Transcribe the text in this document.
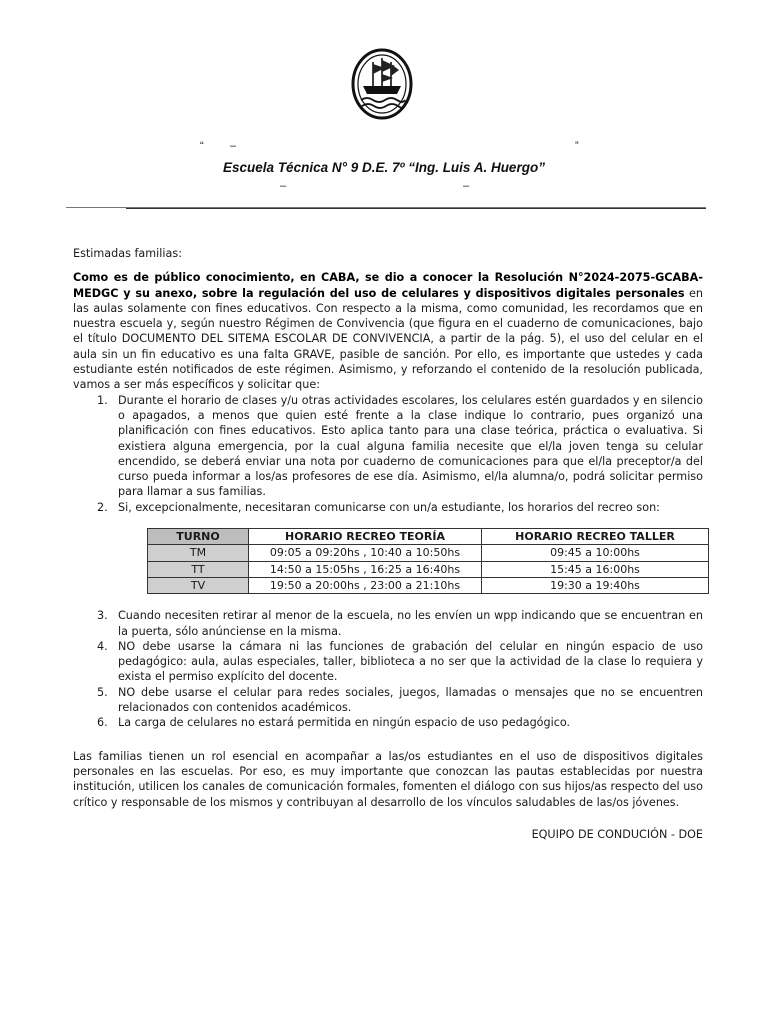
“ –	”
Escuela Técnica N° 9 D.E. 7º “Ing. Luis A. Huergo”
–	–

Estimadas familias:

Como es de público conocimiento, en CABA, se dio a conocer la Resolución N°2024-2075-GCABA-MEDGC y su anexo, sobre la regulación del uso de celulares y dispositivos digitales personales en las aulas solamente con fines educativos. Con respecto a la misma, como comunidad, les recordamos que en nuestra escuela y, según nuestro Régimen de Convivencia (que figura en el cuaderno de comunicaciones, bajo el título DOCUMENTO DEL SITEMA ESCOLAR DE CONVIVENCIA, a partir de la pág. 5), el uso del celular en el aula sin un fin educativo es una falta GRAVE, pasible de sanción. Por ello, es importante que ustedes y cada estudiante estén notificados de este régimen. Asimismo, y reforzando el contenido de la resolución publicada, vamos a ser más específicos y solicitar que:

1. Durante el horario de clases y/u otras actividades escolares, los celulares estén guardados y en silencio o apagados, a menos que quien esté frente a la clase indique lo contrario, pues organizó una planificación con fines educativos. Esto aplica tanto para una clase teórica, práctica o evaluativa. Si existiera alguna emergencia, por la cual alguna familia necesite que el/la joven tenga su celular encendido, se deberá enviar una nota por cuaderno de comunicaciones para que el/la preceptor/a del curso pueda informar a los/as profesores de ese día. Asimismo, el/la alumna/o, podrá solicitar permiso para llamar a sus familias.
2. Si, excepcionalmente, necesitaran comunicarse con un/a estudiante, los horarios del recreo son:
TURNO	HORARIO RECREO TEORÍA	HORARIO RECREO TALLER
TM	09:05 a 09:20hs , 10:40 a 10:50hs	09:45 a 10:00hs
TT	14:50 a 15:05hs , 16:25 a 16:40hs	15:45 a 16:00hs
TV	19:50 a 20:00hs , 23:00 a 21:10hs	19:30 a 19:40hs
3. Cuando necesiten retirar al menor de la escuela, no les envíen un wpp indicando que se encuentran en la puerta, sólo anúnciense en la misma.
4. NO debe usarse la cámara ni las funciones de grabación del celular en ningún espacio de uso pedagógico: aula, aulas especiales, taller, biblioteca a no ser que la actividad de la clase lo requiera y exista el permiso explícito del docente.
5. NO debe usarse el celular para redes sociales, juegos, llamadas o mensajes que no se encuentren relacionados con contenidos académicos.
6. La carga de celulares no estará permitida en ningún espacio de uso pedagógico.

Las familias tienen un rol esencial en acompañar a las/os estudiantes en el uso de dispositivos digitales personales en las escuelas. Por eso, es muy importante que conozcan las pautas establecidas por nuestra institución, utilicen los canales de comunicación formales, fomenten el diálogo con sus hijos/as respecto del uso crítico y responsable de los mismos y contribuyan al desarrollo de los vínculos saludables de las/os jóvenes.

EQUIPO DE CONDUCIÓN - DOE
